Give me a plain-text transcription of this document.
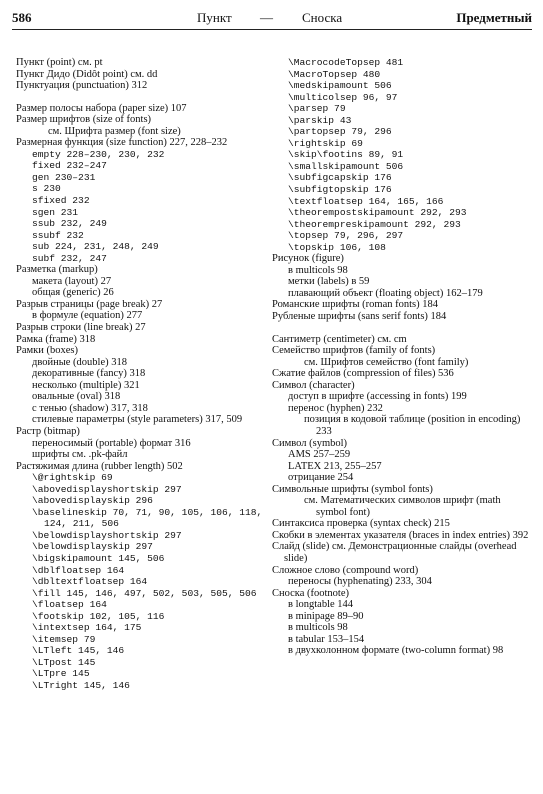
586	Пункт — Сноска	Предметный
Пункт (point) см. pt
Пункт Дидо (Didôt point) см. dd
Пунктуация (punctuation) 312
Размер полосы набора (paper size) 107
Размер шрифтов (size of fonts)
см. Шрифта размер (font size)
Размерная функция (size function) 227, 228–232
empty 228–230, 230, 232
fixed 232–247
gen 230–231
s 230
sfixed 232
sgen 231
ssub 232, 249
ssubf 232
sub 224, 231, 248, 249
subf 232, 247
Разметка (markup)
макета (layout) 27
общая (generic) 26
Разрыв страницы (page break) 27
в формуле (equation) 277
Разрыв строки (line break) 27
Рамка (frame) 318
Рамки (boxes)
двойные (double) 318
декоративные (fancy) 318
несколько (multiple) 321
овальные (oval) 318
с тенью (shadow) 317, 318
стилевые параметры (style parameters) 317, 509
Растр (bitmap)
переносимый (portable) формат 316
шрифты см. .pk-файл
Растяжимая длина (rubber length) 502
\@rightskip 69
\abovedisplayshortskip 297
\abovedisplayskip 296
\baselineskip 70, 71, 90, 105, 106, 118, 124, 211, 506
\belowdisplayshortskip 297
\belowdisplayskip 297
\bigskipamount 145, 506
\dblfloatsep 164
\dbltextfloatsep 164
\fill 145, 146, 497, 502, 503, 505, 506
\floatsep 164
\footskip 102, 105, 116
\intextsep 164, 175
\itemsep 79
\LTleft 145, 146
\LTpost 145
\LTpre 145
\LTright 145, 146
\MacrocodeTopsep 481
\MacroTopsep 480
\medskipamount 506
\multicolsep 96, 97
\parsep 79
\parskip 43
\partopsep 79, 296
\rightskip 69
\skip\footins 89, 91
\smallskipamount 506
\subfigcapskip 176
\subfigtopskip 176
\textfloatsep 164, 165, 166
\theorempostskipamount 292, 293
\theorempreskipamount 292, 293
\topsep 79, 296, 297
\topskip 106, 108
Рисунок (figure)
в multicols 98
метки (labels) в 59
плавающий объект (floating object) 162–179
Романские шрифты (roman fonts) 184
Рубленые шрифты (sans serif fonts) 184
Сантиметр (centimeter) см. cm
Семейство шрифтов (family of fonts)
см. Шрифтов семейство (font family)
Сжатие файлов (compression of files) 536
Символ (character)
доступ в шрифте (accessing in fonts) 199
перенос (hyphen) 232
позиция в кодовой таблице (position in encoding) 233
Символ (symbol)
AMS 257–259
LATEX 213, 255–257
отрицание 254
Символьные шрифты (symbol fonts)
см. Математических символов шрифт (math symbol font)
Синтаксиса проверка (syntax check) 215
Скобки в элементах указателя (braces in index entries) 392
Слайд (slide) см. Демонстрационные слайды (overhead slide)
Сложное слово (compound word)
переносы (hyphenating) 233, 304
Сноска (footnote)
в longtable 144
в minipage 89–90
в multicols 98
в tabular 153–154
в двухколонном формате (two-column format) 98
